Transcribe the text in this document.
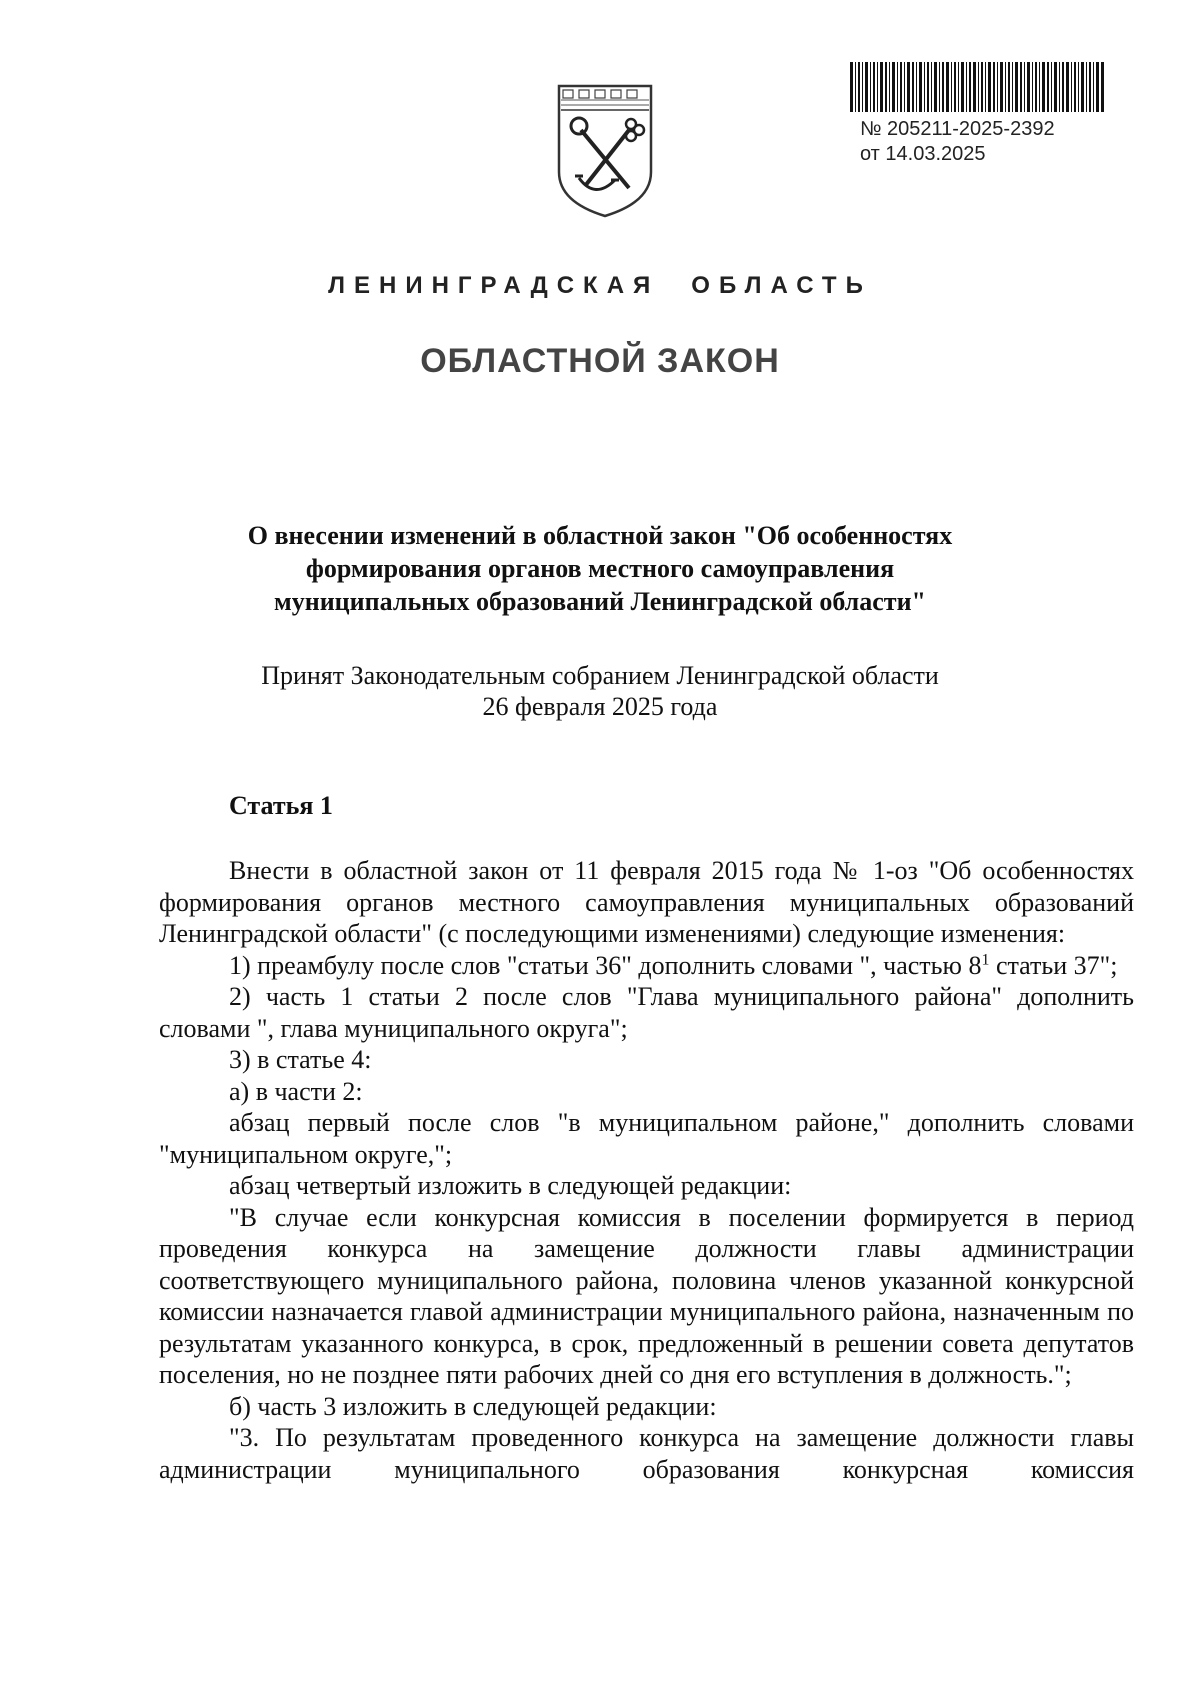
№ 205211-2025-2392
от 14.03.2025
ЛЕНИНГРАДСКАЯ ОБЛАСТЬ
ОБЛАСТНОЙ ЗАКОН
О внесении изменений в областной закон "Об особенностях
формирования органов местного самоуправления
муниципальных образований Ленинградской области"
Принят Законодательным собранием Ленинградской области
26 февраля 2025 года
Статья 1

Внести в областной закон от 11 февраля 2015 года № 1-оз "Об особенностях формирования органов местного самоуправления муниципальных образований Ленинградской области" (с последующими изменениями) следующие изменения:

1) преамбулу после слов "статьи 36" дополнить словами ", частью $8^1$ статьи 37";

2) часть 1 статьи 2 после слов "Глава муниципального района" дополнить словами ", глава муниципального округа";

3) в статье 4:

а) в части 2:

абзац первый после слов "в муниципальном районе," дополнить словами "муниципальном округе,";

абзац четвертый изложить в следующей редакции:

"В случае если конкурсная комиссия в поселении формируется в период проведения конкурса на замещение должности главы администрации соответствующего муниципального района, половина членов указанной конкурсной комиссии назначается главой администрации муниципального района, назначенным по результатам указанного конкурса, в срок, предложенный в решении совета депутатов поселения, но не позднее пяти рабочих дней со дня его вступления в должность.";

б) часть 3 изложить в следующей редакции:

"3. По результатам проведенного конкурса на замещение должности главы администрации муниципального образования конкурсная комиссия
